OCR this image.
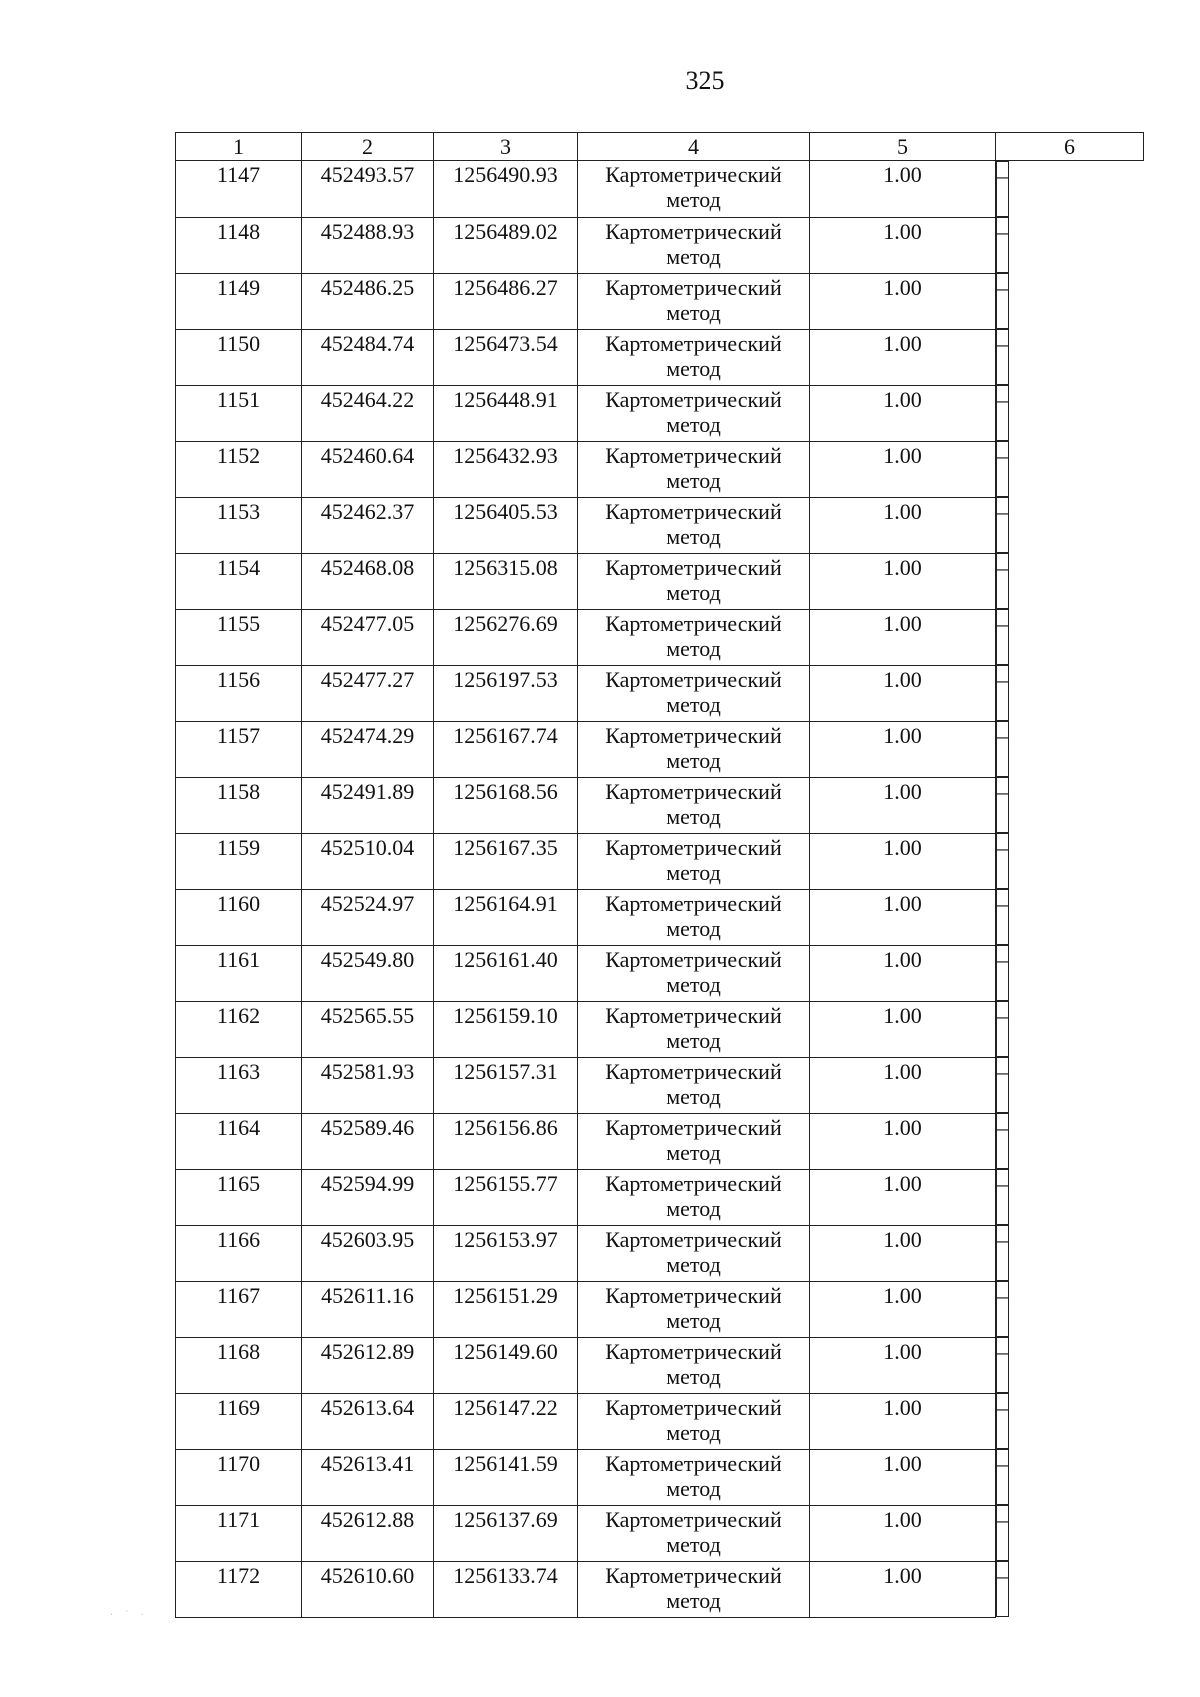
325
1	2	3	4	5	6
1147	452493.57	1256490.93	Картометрический метод	1.00		–
1148	452488.93	1256489.02	Картометрический метод	1.00		–
1149	452486.25	1256486.27	Картометрический метод	1.00		–
1150	452484.74	1256473.54	Картометрический метод	1.00		–
1151	452464.22	1256448.91	Картометрический метод	1.00		–
1152	452460.64	1256432.93	Картометрический метод	1.00		–
1153	452462.37	1256405.53	Картометрический метод	1.00		–
1154	452468.08	1256315.08	Картометрический метод	1.00		–
1155	452477.05	1256276.69	Картометрический метод	1.00		–
1156	452477.27	1256197.53	Картометрический метод	1.00		–
1157	452474.29	1256167.74	Картометрический метод	1.00		–
1158	452491.89	1256168.56	Картометрический метод	1.00		–
1159	452510.04	1256167.35	Картометрический метод	1.00		–
1160	452524.97	1256164.91	Картометрический метод	1.00		–
1161	452549.80	1256161.40	Картометрический метод	1.00		–
1162	452565.55	1256159.10	Картометрический метод	1.00		–
1163	452581.93	1256157.31	Картометрический метод	1.00		–
1164	452589.46	1256156.86	Картометрический метод	1.00		–
1165	452594.99	1256155.77	Картометрический метод	1.00		–
1166	452603.95	1256153.97	Картометрический метод	1.00		–
1167	452611.16	1256151.29	Картометрический метод	1.00		–
1168	452612.89	1256149.60	Картометрический метод	1.00		–
1169	452613.64	1256147.22	Картометрический метод	1.00		–
1170	452613.41	1256141.59	Картометрический метод	1.00		–
1171	452612.88	1256137.69	Картометрический метод	1.00		–
1172	452610.60	1256133.74	Картометрический метод	1.00		–
· ˙ ·
